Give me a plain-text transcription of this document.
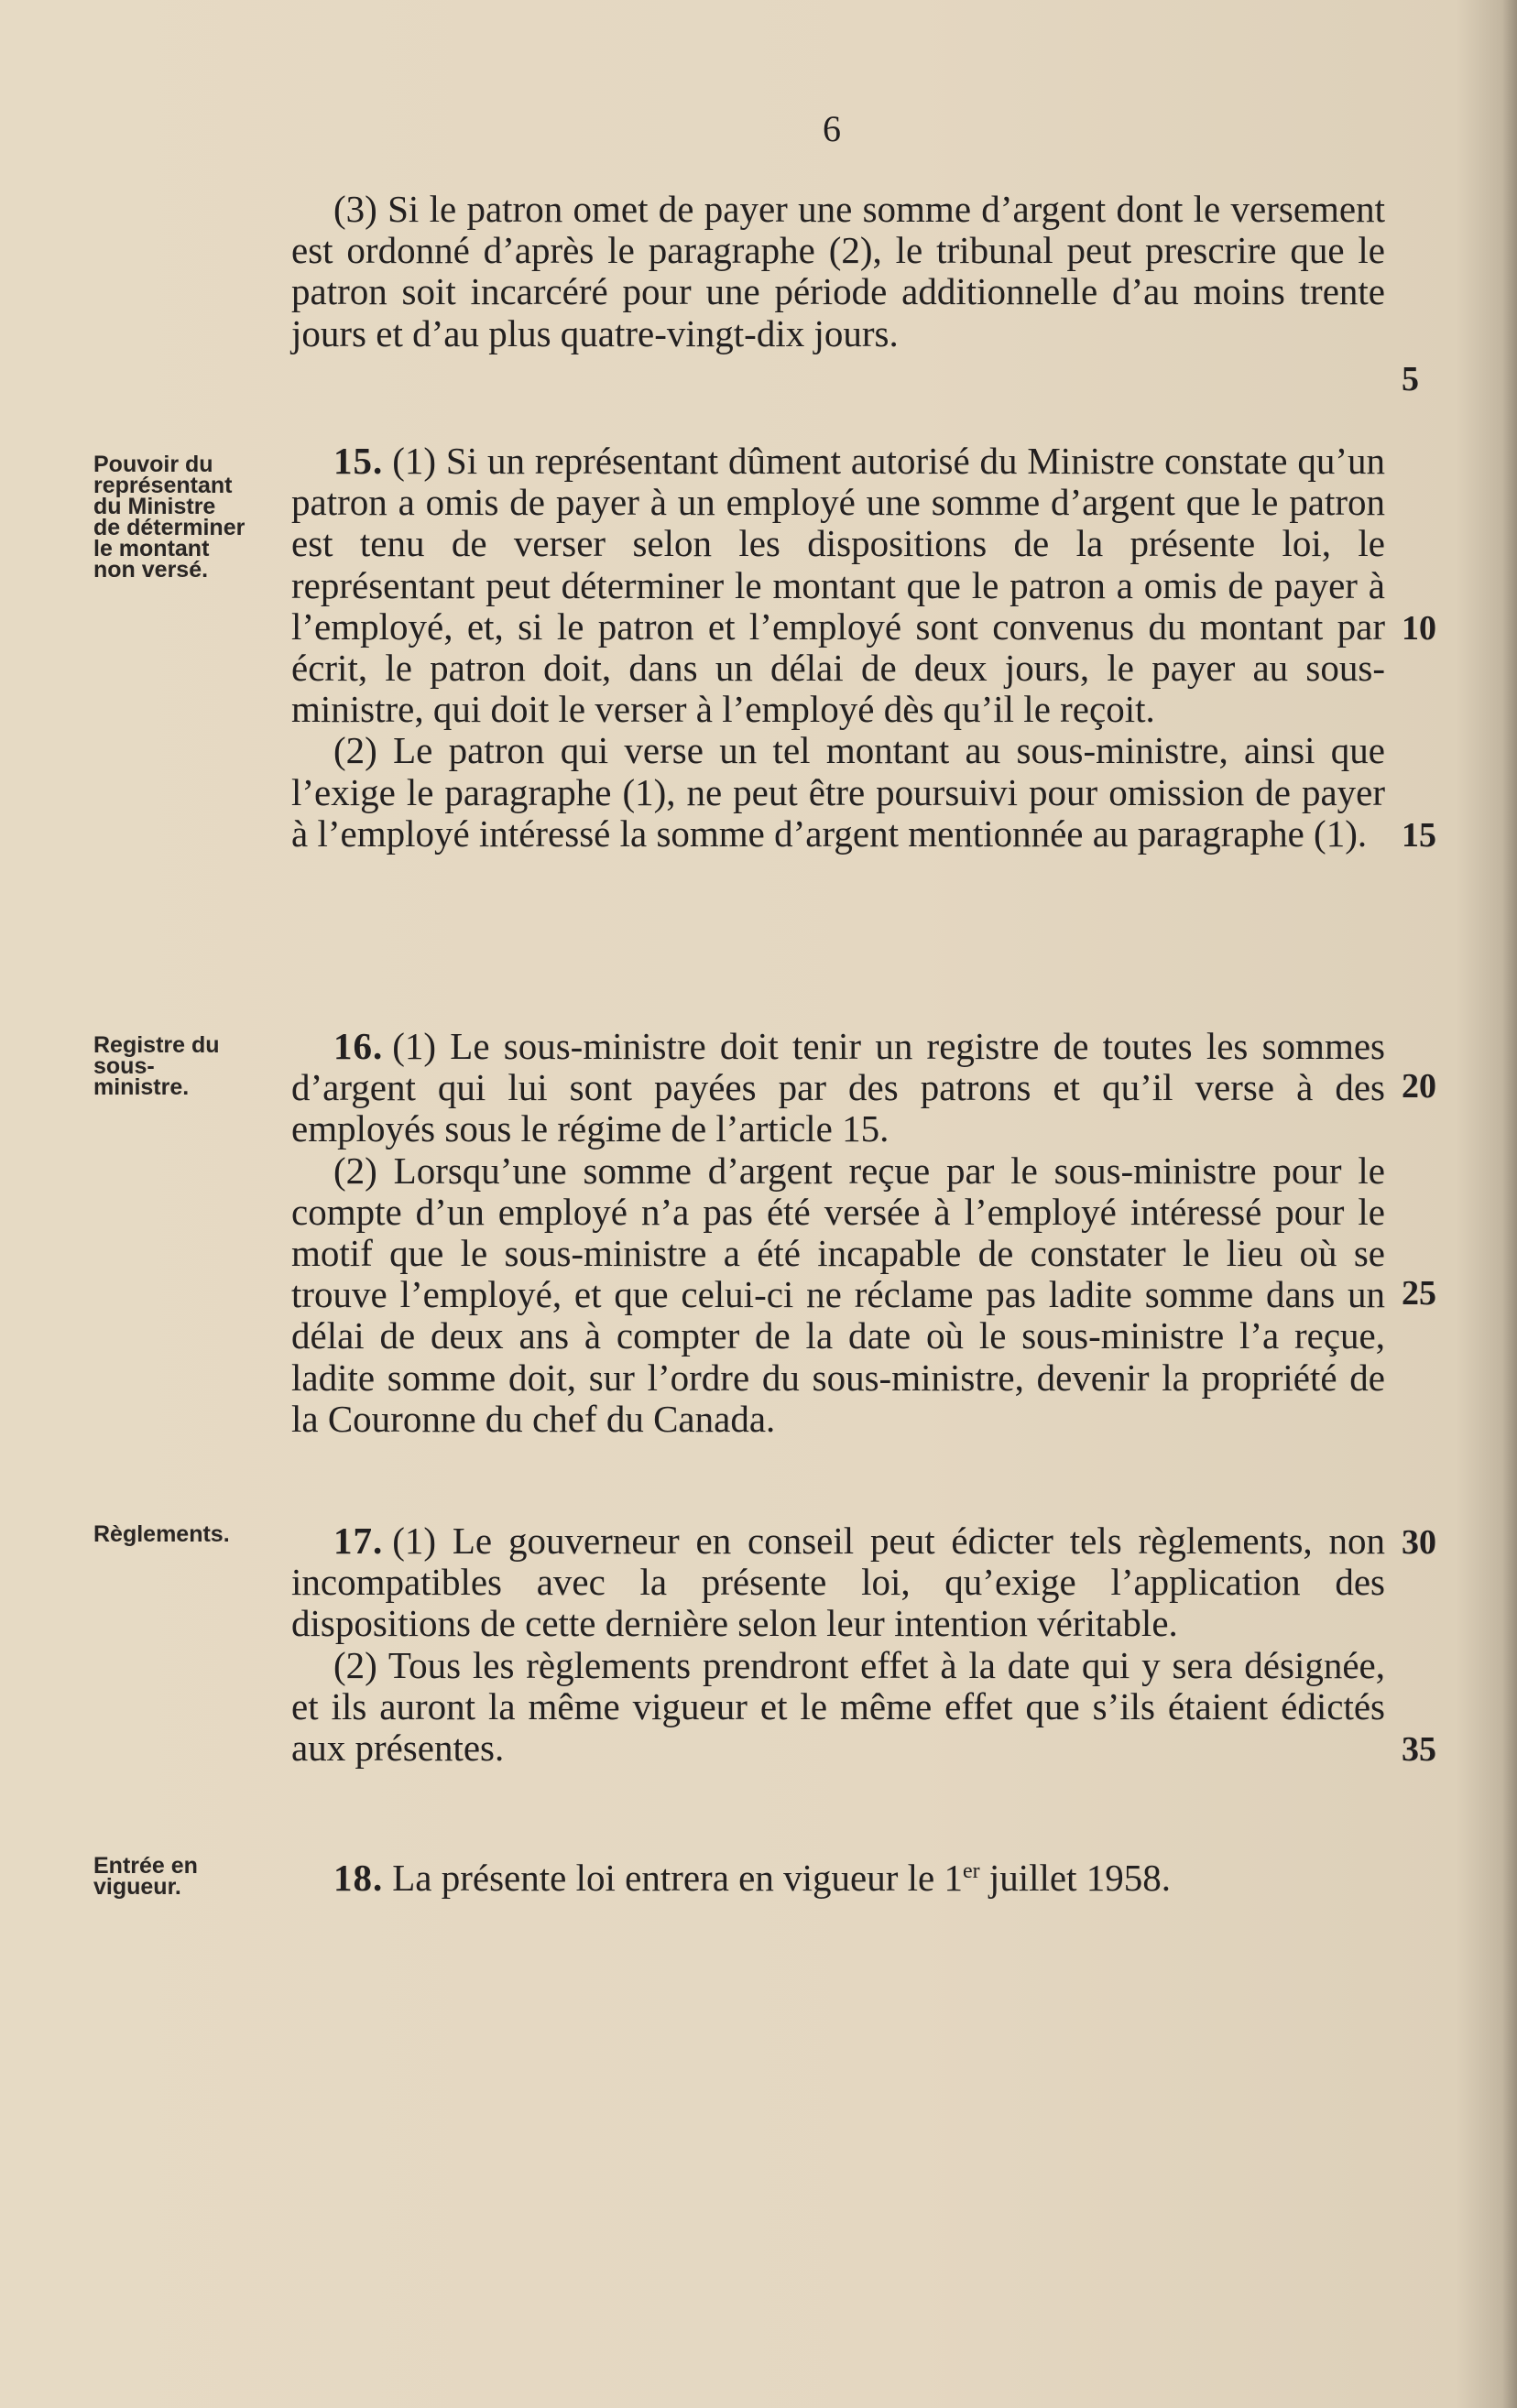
6

(3) Si le patron omet de payer une somme d’argent dont le versement est ordonné d’après le paragraphe (2), le tribunal peut prescrire que le patron soit incarcéré pour une période additionnelle d’au moins trente jours et d’au plus quatre-vingt-dix jours.

Pouvoir du
représentant
du Ministre
de déterminer
le montant
non versé.

15. (1) Si un représentant dûment autorisé du Ministre constate qu’un patron a omis de payer à un employé une somme d’argent que le patron est tenu de verser selon les dispositions de la présente loi, le représentant peut déterminer le montant que le patron a omis de payer à l’employé, et, si le patron et l’employé sont convenus du montant par écrit, le patron doit, dans un délai de deux jours, le payer au sous-ministre, qui doit le verser à l’employé dès qu’il le reçoit.

(2) Le patron qui verse un tel montant au sous-ministre, ainsi que l’exige le paragraphe (1), ne peut être poursuivi pour omission de payer à l’employé intéressé la somme d’argent mentionnée au paragraphe (1).

Registre du
sous-
ministre.

16. (1) Le sous-ministre doit tenir un registre de toutes les sommes d’argent qui lui sont payées par des patrons et qu’il verse à des employés sous le régime de l’article 15.

(2) Lorsqu’une somme d’argent reçue par le sous-ministre pour le compte d’un employé n’a pas été versée à l’employé intéressé pour le motif que le sous-ministre a été incapable de constater le lieu où se trouve l’employé, et que celui-ci ne réclame pas ladite somme dans un délai de deux ans à compter de la date où le sous-ministre l’a reçue, ladite somme doit, sur l’ordre du sous-ministre, devenir la propriété de la Couronne du chef du Canada.

Règlements.	17. (1) Le gouverneur en conseil peut édicter tels règlements, non incompatibles avec la présente loi, qu’exige l’application des dispositions de cette dernière selon leur intention véritable.

(2) Tous les règlements prendront effet à la date qui y sera désignée, et ils auront la même vigueur et le même effet que s’ils étaient édictés aux présentes.

Entrée en
vigueur.	18. La présente loi entrera en vigueur le 1er juillet 1958.

5
10
15
20
25
30
35
